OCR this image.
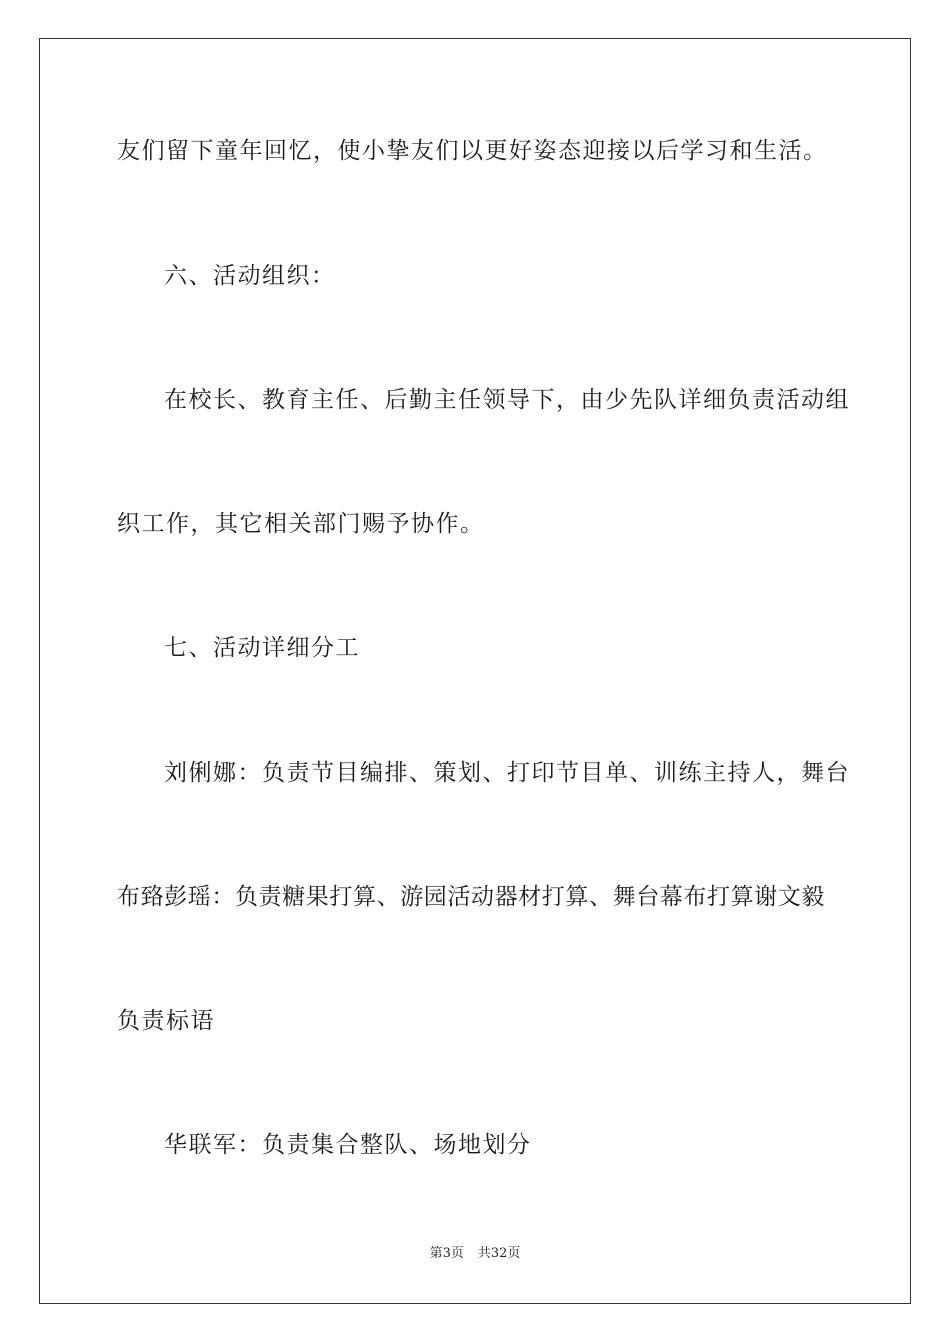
友们留下童年回忆，使小挚友们以更好姿态迎接以后学习和生活。
六、活动组织：
在校长、教育主任、后勤主任领导下，由少先队详细负责活动组
织工作，其它相关部门赐予协作。
七、活动详细分工
刘俐娜：负责节目编排、策划、打印节目单、训练主持人，舞台
布臵彭瑶：负责糖果打算、游园活动器材打算、舞台幕布打算谢文毅
负责标语
华联军：负责集合整队、场地划分
第3页 共32页
